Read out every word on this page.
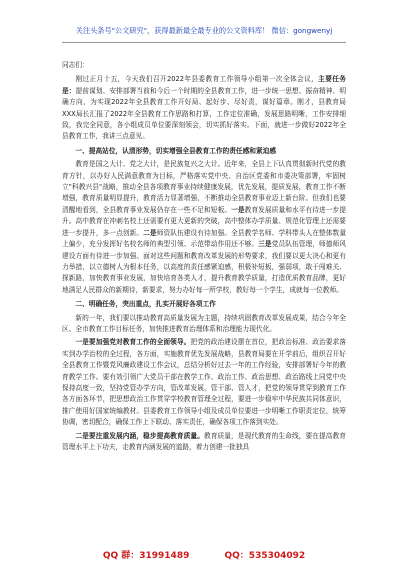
关注头条号"公文研究"，获得最新最全最专业的公文资料库！ 微信：gongwenyj
同志们：

刚过正月十五，今天我们召开2022年县委教育工作领导小组第一次全体会议，主要任务是：提前谋划、安排部署当前和今后一个时期的全县教育工作，进一步统一思想、振奋精神、明确方向，为实现2022年全县教育工作开好局、起好步、尽好责，谋好篇章。刚才，县教育局XXX局长汇报了2022年全县教育工作思路和打算，工作定位准确，发展思路明晰，工作安排细致，我完全同意，各小组成员单位要深刻领会，切实抓好落实。下面，就进一步做好2022年全县教育工作，我讲三点意见。

一、提高站位，认清形势，切实增强全县教育工作的责任感和紧迫感

教育是国之大计、党之大计，是民族复兴之大计。近年来，全县上下认真贯彻新时代党的教育方针，以办好人民满意教育为目标，严格落实党中央、自治区党委和市委决策部署，牢固树立"科教兴县"战略，推动全县各项教育事业持续健康发展，优先发展，提质发展，教育工作不断增强，教育质量明显提升，教育活力显著增强，不断推动全县教育事业迈上新台阶。但我们也要清醒地看到，全县教育事业发展仍存在一些不足和短板。一是教育发展质量和水平有待进一步提升。高中教育在冲刺名校上还需要有更大更新的突破，高中整体办学质量、规范化管理上还需要进一步提升，多一点创新。二是师资队伍建设有待加强。全县教学名师、学科带头人在整体数量上偏少，充分发挥好名校名师的典型引领、示范带动作用还不够。三是党员队伍管理，师德师风建设方面有待进一步加强。面对这些问题和教育改革发展的形势要求，我们要以更大决心和更有力举措，以立德树人为根本任务，以高度的责任感紧迫感，积极补短板，强弱项，敢于闯难关、探新路，加快教育事业发展，加快培育各类人才，提升教育教学质量，打造优质教育品牌，更好地满足人民群众的新期待，新要求，努力办好每一所学校，教好每一个学生，成就每一位教师。

二、明确任务，突出重点，扎实开展好各项工作

新的一年，我们要以推动教育高质量发展为主题，持续巩固教育改革发展成果，结合今年全区、全市教育工作目标任务，加快推进教育治理体系和治理能力现代化。

一是要加强党对教育工作的全面领导。把党的政治建设摆在首位，把政治标准、政治要求落实到办学治校的全过程，各方面，实施教育优先发展战略，县教育局要在开学前后，组织召开好全县教育工作暨党风廉政建设工作会议，总结分析好过去一年的工作经验，安排部署好今年的教育教学工作。要有效引领广大党员干部在教学工作、政治工作、政治思想、政治路线上同党中央保持高度一致，坚持党管办学方向，管改革发展，管干部、管人才，把党的领导贯穿到教育工作各方面各环节，把思想政治工作贯穿学校教育管理全过程，要进一步稳牢中华民族共同体意识，推广使用好国家统编教材。县委教育工作领导小组及成员单位要进一步明晰工作职责定位，统筹协调，密切配合，确保工作上下联动、落实责任，确保各项工作落到实处。

二是要注重发展内涵，稳步提高教育质量。教育质量，是现代教育的生命线，要在提高教育管理水平上下功夫，走教育内涵发展的道路，着力创建一批独具

QQ 群：31991489	QQ：535304092
